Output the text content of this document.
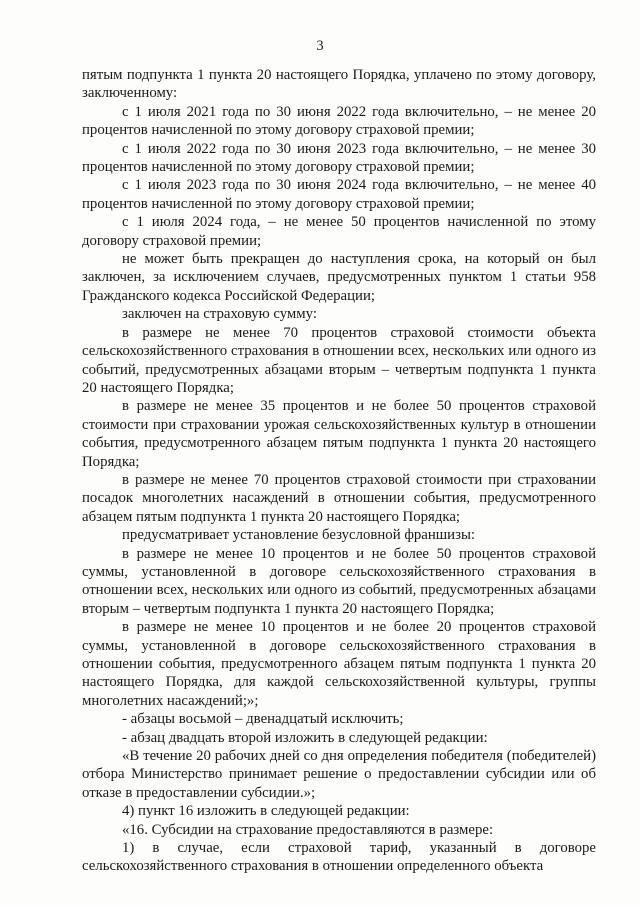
3

пятым подпункта 1 пункта 20 настоящего Порядка, уплачено по этому договору, заключенному:

с 1 июля 2021 года по 30 июня 2022 года включительно, – не менее 20 процентов начисленной по этому договору страховой премии;

с 1 июля 2022 года по 30 июня 2023 года включительно, – не менее 30 процентов начисленной по этому договору страховой премии;

с 1 июля 2023 года по 30 июня 2024 года включительно, – не менее 40 процентов начисленной по этому договору страховой премии;

с 1 июля 2024 года, – не менее 50 процентов начисленной по этому договору страховой премии;

не может быть прекращен до наступления срока, на который он был заключен, за исключением случаев, предусмотренных пунктом 1 статьи 958 Гражданского кодекса Российской Федерации;

заключен на страховую сумму:

в размере не менее 70 процентов страховой стоимости объекта сельскохозяйственного страхования в отношении всех, нескольких или одного из событий, предусмотренных абзацами вторым – четвертым подпункта 1 пункта 20 настоящего Порядка;

в размере не менее 35 процентов и не более 50 процентов страховой стоимости при страховании урожая сельскохозяйственных культур в отношении события, предусмотренного абзацем пятым подпункта 1 пункта 20 настоящего Порядка;

в размере не менее 70 процентов страховой стоимости при страховании посадок многолетних насаждений в отношении события, предусмотренного абзацем пятым подпункта 1 пункта 20 настоящего Порядка;

предусматривает установление безусловной франшизы:

в размере не менее 10 процентов и не более 50 процентов страховой суммы, установленной в договоре сельскохозяйственного страхования в отношении всех, нескольких или одного из событий, предусмотренных абзацами вторым – четвертым подпункта 1 пункта 20 настоящего Порядка;

в размере не менее 10 процентов и не более 20 процентов страховой суммы, установленной в договоре сельскохозяйственного страхования в отношении события, предусмотренного абзацем пятым подпункта 1 пункта 20 настоящего Порядка, для каждой сельскохозяйственной культуры, группы многолетних насаждений;»;

- абзацы восьмой – двенадцатый исключить;

- абзац двадцать второй изложить в следующей редакции:

«В течение 20 рабочих дней со дня определения победителя (победителей) отбора Министерство принимает решение о предоставлении субсидии или об отказе в предоставлении субсидии.»;

4) пункт 16 изложить в следующей редакции:

«16. Субсидии на страхование предоставляются в размере:

1) в случае, если страховой тариф, указанный в договоре сельскохозяйственного страхования в отношении определенного объекта
